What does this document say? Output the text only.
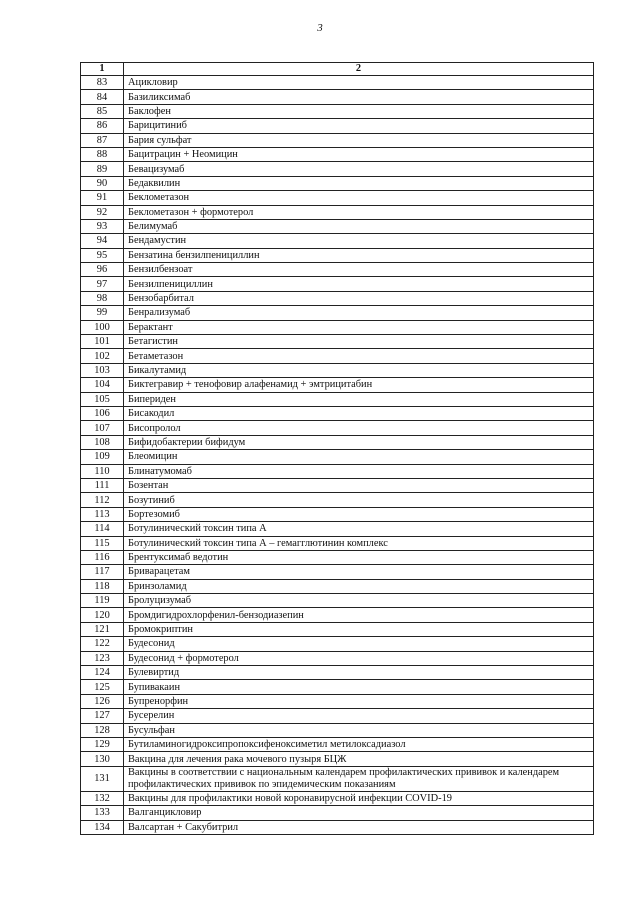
3
1	2
83	Ацикловир
84	Базиликсимаб
85	Баклофен
86	Барицитиниб
87	Бария сульфат
88	Бацитрацин + Неомицин
89	Бевацизумаб
90	Бедаквилин
91	Беклометазон
92	Беклометазон + формотерол
93	Белимумаб
94	Бендамустин
95	Бензатина бензилпенициллин
96	Бензилбензоат
97	Бензилпенициллин
98	Бензобарбитал
99	Бенрализумаб
100	Берактант
101	Бетагистин
102	Бетаметазон
103	Бикалутамид
104	Биктегравир + тенофовир алафенамид + эмтрицитабин
105	Биперидeн
106	Бисакодил
107	Бисопролол
108	Бифидобактерии бифидум
109	Блеомицин
110	Блинатумомаб
111	Бозентан
112	Бозутиниб
113	Бортезомиб
114	Ботулинический токсин типа А
115	Ботулинический токсин типа А – гемагглютинин комплекс
116	Брентуксимаб ведотин
117	Бриварацетам
118	Бринзоламид
119	Бролуцизумаб
120	Бромдигидрохлорфенил-бензодиазепин
121	Бромокриптин
122	Будесонид
123	Будесонид + формотерол
124	Булевиртид
125	Бупивакаин
126	Бупренорфин
127	Бусерелин
128	Бусульфан
129	Бутиламиногидроксипропоксифеноксиметил метилоксадиазол
130	Вакцина для лечения рака мочевого пузыря БЦЖ
131	Вакцины в соответствии с национальным календарем профилактических прививок и календарем профилактических прививок по эпидемическим показаниям
132	Вакцины для профилактики новой коронавирусной инфекции COVID-19
133	Валганцикловир
134	Валсартан + Сакубитрил
